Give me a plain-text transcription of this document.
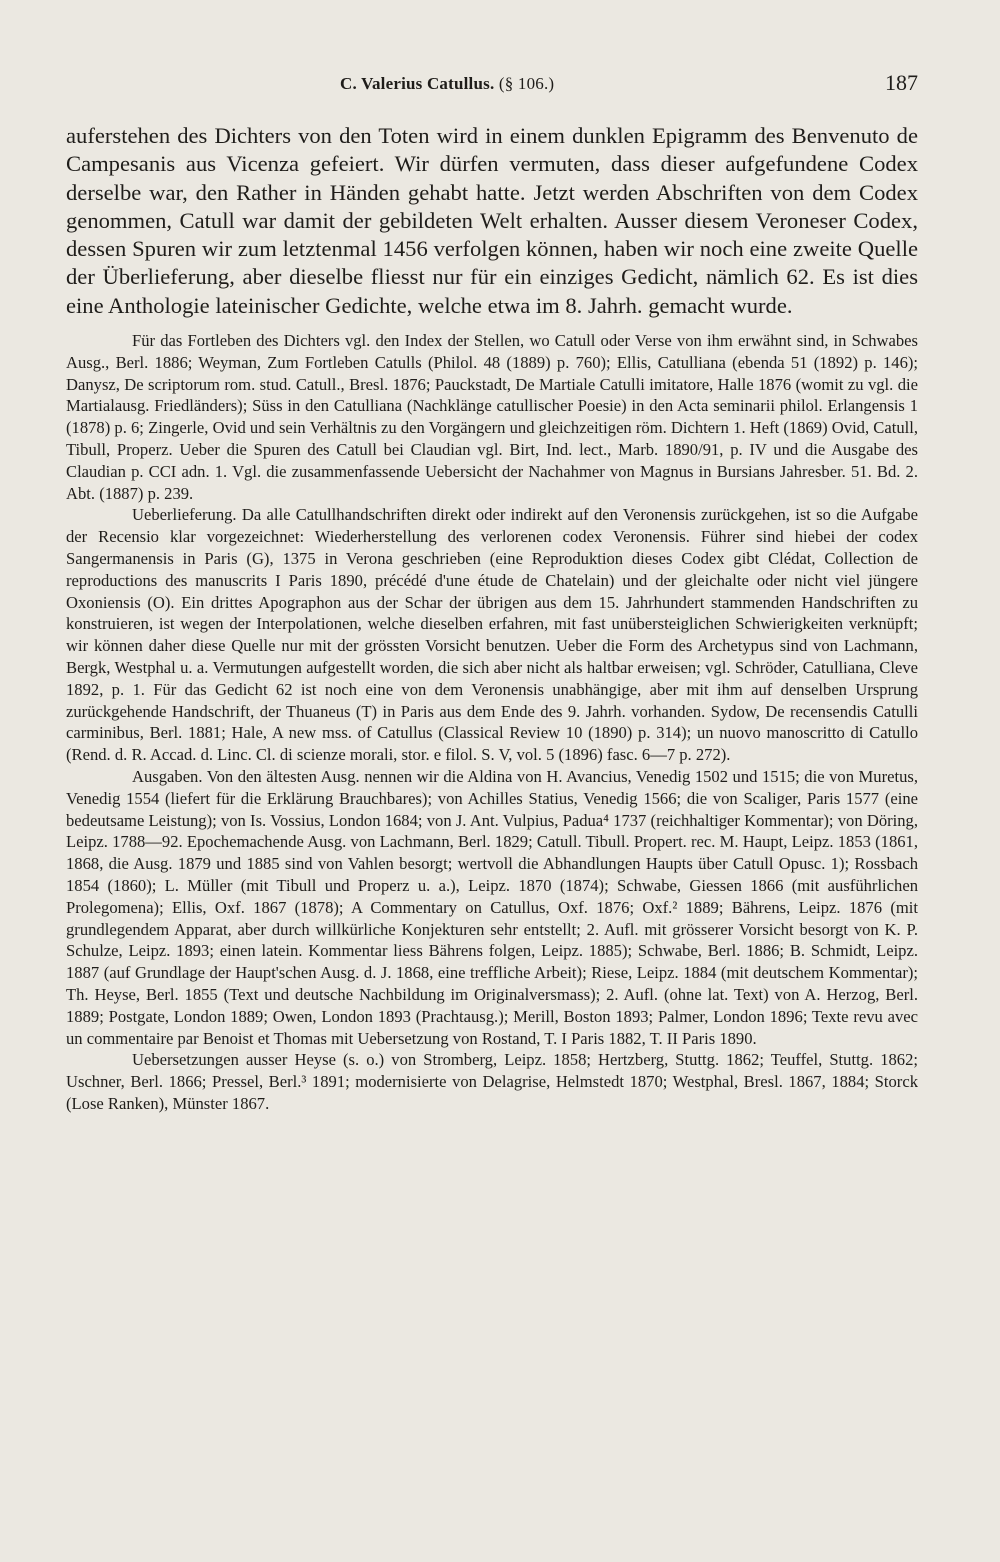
C. Valerius Catullus. (§ 106.)	187

auferstehen des Dichters von den Toten wird in einem dunklen Epigramm des Benvenuto de Campesanis aus Vicenza gefeiert. Wir dürfen vermuten, dass dieser aufgefundene Codex derselbe war, den Rather in Händen gehabt hatte. Jetzt werden Abschriften von dem Codex genommen, Catull war damit der gebildeten Welt erhalten. Ausser diesem Veroneser Codex, dessen Spuren wir zum letztenmal 1456 verfolgen können, haben wir noch eine zweite Quelle der Überlieferung, aber dieselbe fliesst nur für ein einziges Gedicht, nämlich 62. Es ist dies eine Anthologie lateinischer Gedichte, welche etwa im 8. Jahrh. gemacht wurde.

Für das Fortleben des Dichters vgl. den Index der Stellen, wo Catull oder Verse von ihm erwähnt sind, in Schwabes Ausg., Berl. 1886; Weyman, Zum Fortleben Catulls (Philol. 48 (1889) p. 760); Ellis, Catulliana (ebenda 51 (1892) p. 146); Danysz, De scriptorum rom. stud. Catull., Bresl. 1876; Pauckstadt, De Martiale Catulli imitatore, Halle 1876 (womit zu vgl. die Martialausg. Friedländers); Süss in den Catulliana (Nachklänge catullischer Poesie) in den Acta seminarii philol. Erlangensis 1 (1878) p. 6; Zingerle, Ovid und sein Verhältnis zu den Vorgängern und gleichzeitigen röm. Dichtern 1. Heft (1869) Ovid, Catull, Tibull, Properz. Ueber die Spuren des Catull bei Claudian vgl. Birt, Ind. lect., Marb. 1890/91, p. IV und die Ausgabe des Claudian p. CCI adn. 1. Vgl. die zusammenfassende Uebersicht der Nachahmer von Magnus in Bursians Jahresber. 51. Bd. 2. Abt. (1887) p. 239.

Ueberlieferung. Da alle Catullhandschriften direkt oder indirekt auf den Veronensis zurückgehen, ist so die Aufgabe der Recensio klar vorgezeichnet: Wiederherstellung des verlorenen codex Veronensis. Führer sind hiebei der codex Sangermanensis in Paris (G), 1375 in Verona geschrieben (eine Reproduktion dieses Codex gibt Clédat, Collection de reproductions des manuscrits I Paris 1890, précédé d'une étude de Chatelain) und der gleichalte oder nicht viel jüngere Oxoniensis (O). Ein drittes Apographon aus der Schar der übrigen aus dem 15. Jahrhundert stammenden Handschriften zu konstruieren, ist wegen der Interpolationen, welche dieselben erfahren, mit fast unübersteiglichen Schwierigkeiten verknüpft; wir können daher diese Quelle nur mit der grössten Vorsicht benutzen. Ueber die Form des Archetypus sind von Lachmann, Bergk, Westphal u. a. Vermutungen aufgestellt worden, die sich aber nicht als haltbar erweisen; vgl. Schröder, Catulliana, Cleve 1892, p. 1. Für das Gedicht 62 ist noch eine von dem Veronensis unabhängige, aber mit ihm auf denselben Ursprung zurückgehende Handschrift, der Thuaneus (T) in Paris aus dem Ende des 9. Jahrh. vorhanden. Sydow, De recensendis Catulli carminibus, Berl. 1881; Hale, A new mss. of Catullus (Classical Review 10 (1890) p. 314); un nuovo manoscritto di Catullo (Rend. d. R. Accad. d. Linc. Cl. di scienze morali, stor. e filol. S. V, vol. 5 (1896) fasc. 6—7 p. 272).

Ausgaben. Von den ältesten Ausg. nennen wir die Aldina von H. Avancius, Venedig 1502 und 1515; die von Muretus, Venedig 1554 (liefert für die Erklärung Brauchbares); von Achilles Statius, Venedig 1566; die von Scaliger, Paris 1577 (eine bedeutsame Leistung); von Is. Vossius, London 1684; von J. Ant. Vulpius, Padua⁴ 1737 (reichhaltiger Kommentar); von Döring, Leipz. 1788—92. Epochemachende Ausg. von Lachmann, Berl. 1829; Catull. Tibull. Propert. rec. M. Haupt, Leipz. 1853 (1861, 1868, die Ausg. 1879 und 1885 sind von Vahlen besorgt; wertvoll die Abhandlungen Haupts über Catull Opusc. 1); Rossbach 1854 (1860); L. Müller (mit Tibull und Properz u. a.), Leipz. 1870 (1874); Schwabe, Giessen 1866 (mit ausführlichen Prolegomena); Ellis, Oxf. 1867 (1878); A Commentary on Catullus, Oxf. 1876; Oxf.² 1889; Bährens, Leipz. 1876 (mit grundlegendem Apparat, aber durch willkürliche Konjekturen sehr entstellt; 2. Aufl. mit grösserer Vorsicht besorgt von K. P. Schulze, Leipz. 1893; einen latein. Kommentar liess Bährens folgen, Leipz. 1885); Schwabe, Berl. 1886; B. Schmidt, Leipz. 1887 (auf Grundlage der Haupt'schen Ausg. d. J. 1868, eine treffliche Arbeit); Riese, Leipz. 1884 (mit deutschem Kommentar); Th. Heyse, Berl. 1855 (Text und deutsche Nachbildung im Originalversmass); 2. Aufl. (ohne lat. Text) von A. Herzog, Berl. 1889; Postgate, London 1889; Owen, London 1893 (Prachtausg.); Merill, Boston 1893; Palmer, London 1896; Texte revu avec un commentaire par Benoist et Thomas mit Uebersetzung von Rostand, T. I Paris 1882, T. II Paris 1890.

Uebersetzungen ausser Heyse (s. o.) von Stromberg, Leipz. 1858; Hertzberg, Stuttg. 1862; Teuffel, Stuttg. 1862; Uschner, Berl. 1866; Pressel, Berl.³ 1891; modernisierte von Delagrise, Helmstedt 1870; Westphal, Bresl. 1867, 1884; Storck (Lose Ranken), Münster 1867.
